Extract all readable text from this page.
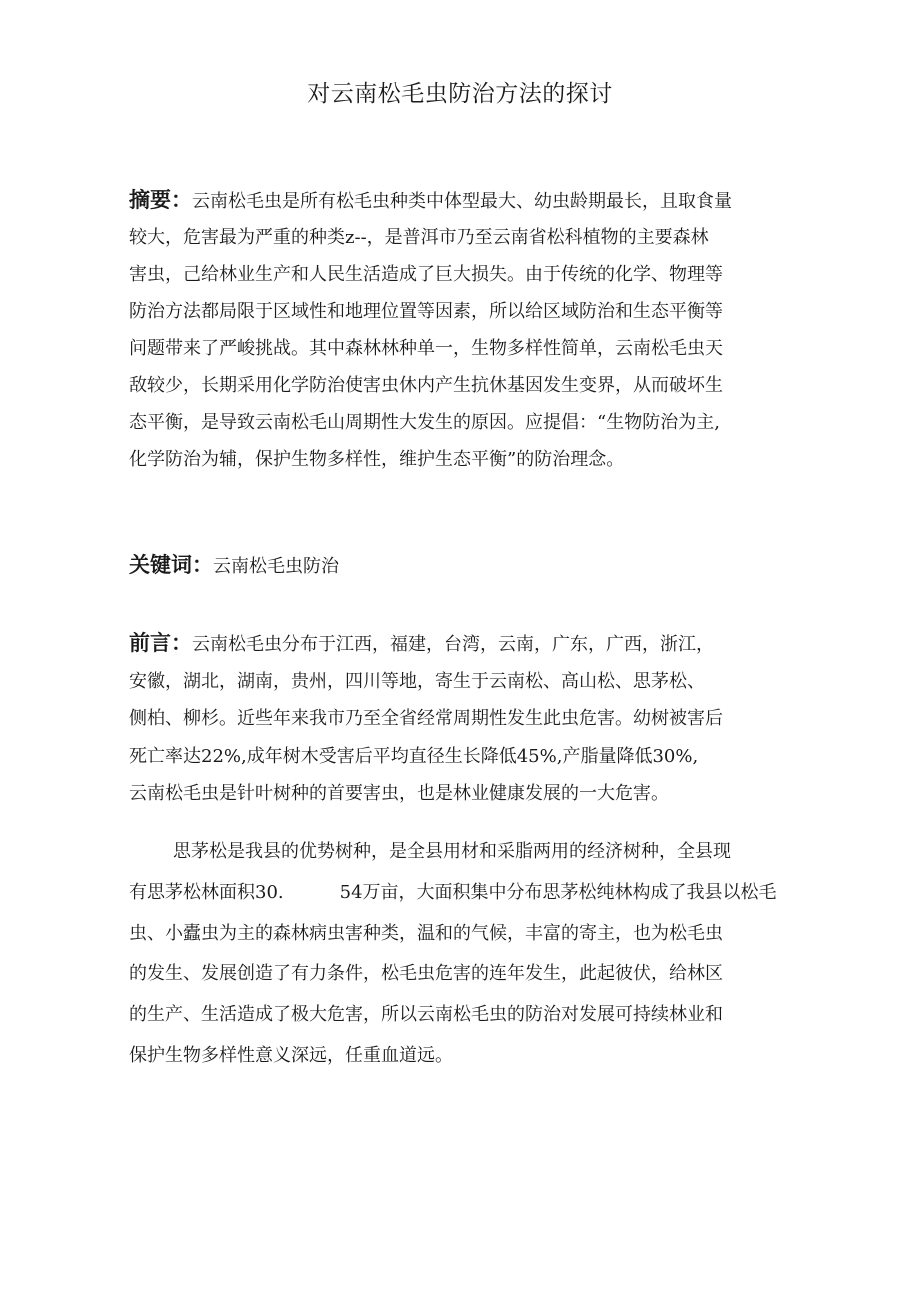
对云南松毛虫防治方法的探讨
摘要：云南松毛虫是所有松毛虫种类中体型最大、幼虫龄期最长，且取食量
较大，危害最为严重的种类z--，是普洱市乃至云南省松科植物的主要森林
害虫，己给林业生产和人民生活造成了巨大损失。由于传统的化学、物理等
防治方法都局限于区域性和地理位置等因素，所以给区域防治和生态平衡等
问题带来了严峻挑战。其中森林林种单一，生物多样性简单，云南松毛虫天
敌较少，长期采用化学防治使害虫休内产生抗休基因发生变界，从而破坏生
态平衡，是导致云南松毛山周期性大发生的原因。应提倡：“生物防治为主,
化学防治为辅，保护生物多样性，维护生态平衡”的防治理念。
关键词：云南松毛虫防治
前言：云南松毛虫分布于江西，福建，台湾，云南，广东，广西，浙江，
安徽，湖北，湖南，贵州，四川等地，寄生于云南松、高山松、思茅松、
侧柏、柳杉。近些年来我市乃至全省经常周期性发生此虫危害。幼树被害后
死亡率达22%,成年树木受害后平均直径生长降低45%,产脂量降低30%,
云南松毛虫是针叶树种的首要害虫，也是林业健康发展的一大危害。
思茅松是我县的优势树种，是全县用材和采脂两用的经济树种，全县现
有思茅松林面积30.	54万亩，大面积集中分布思茅松纯林构成了我县以松毛
虫、小蠹虫为主的森林病虫害种类，温和的气候，丰富的寄主，也为松毛虫
的发生、发展创造了有力条件，松毛虫危害的连年发生，此起彼伏，给林区
的生产、生活造成了极大危害，所以云南松毛虫的防治对发展可持续林业和
保护生物多样性意义深远，任重血道远。
